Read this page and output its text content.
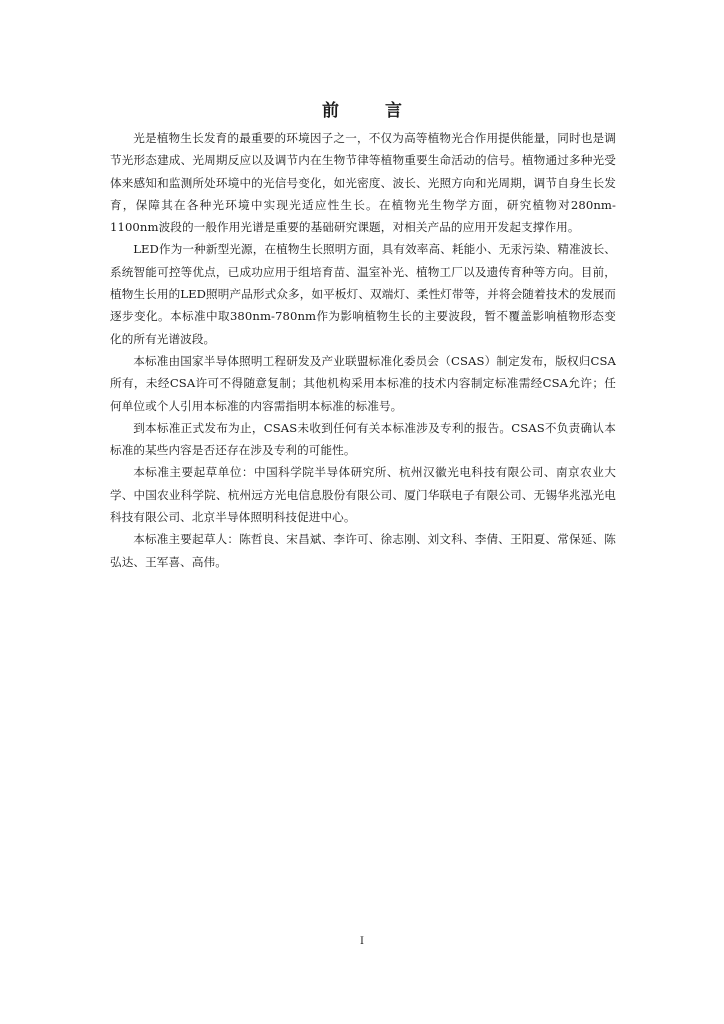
前 言

光是植物生长发育的最重要的环境因子之一，不仅为高等植物光合作用提供能量，同时也是调节光形态建成、光周期反应以及调节内在生物节律等植物重要生命活动的信号。植物通过多种光受体来感知和监测所处环境中的光信号变化，如光密度、波长、光照方向和光周期，调节自身生长发育，保障其在各种光环境中实现光适应性生长。在植物光生物学方面，研究植物对280nm-1100nm波段的一般作用光谱是重要的基础研究课题，对相关产品的应用开发起支撑作用。

LED作为一种新型光源，在植物生长照明方面，具有效率高、耗能小、无汞污染、精准波长、系统智能可控等优点，已成功应用于组培育苗、温室补光、植物工厂以及遗传育种等方向。目前，植物生长用的LED照明产品形式众多，如平板灯、双端灯、柔性灯带等，并将会随着技术的发展而逐步变化。本标准中取380nm-780nm作为影响植物生长的主要波段，暂不覆盖影响植物形态变化的所有光谱波段。

本标准由国家半导体照明工程研发及产业联盟标准化委员会（CSAS）制定发布，版权归CSA所有，未经CSA许可不得随意复制；其他机构采用本标准的技术内容制定标准需经CSA允许；任何单位或个人引用本标准的内容需指明本标准的标准号。

到本标准正式发布为止，CSAS未收到任何有关本标准涉及专利的报告。CSAS不负责确认本标准的某些内容是否还存在涉及专利的可能性。

本标准主要起草单位：中国科学院半导体研究所、杭州汉徽光电科技有限公司、南京农业大学、中国农业科学院、杭州远方光电信息股份有限公司、厦门华联电子有限公司、无锡华兆泓光电科技有限公司、北京半导体照明科技促进中心。

本标准主要起草人：陈哲良、宋昌斌、李许可、徐志刚、刘文科、李倩、王阳夏、常保延、陈弘达、王军喜、高伟。

I
